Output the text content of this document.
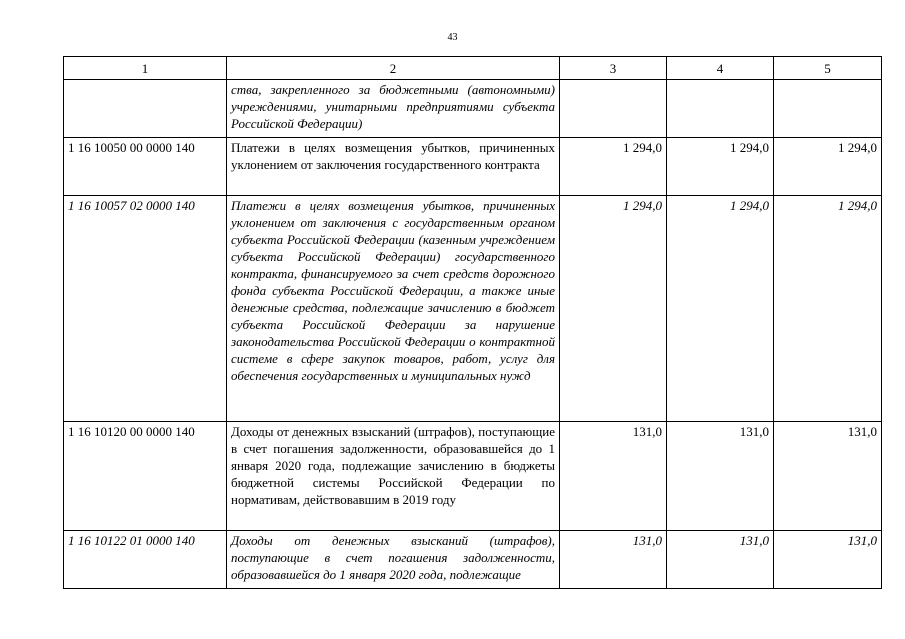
43
1	2	3	4	5
	ства, закрепленного за бюджетными (автономными) учреждениями, унитарными предприятиями субъекта Российской Федерации)			
1 16 10050 00 0000 140	Платежи в целях возмещения убытков, причиненных уклонением от заключения государственного контракта	1 294,0	1 294,0	1 294,0
1 16 10057 02 0000 140	Платежи в целях возмещения убытков, причиненных уклонением от заключения с государственным органом субъекта Российской Федерации (казенным учреждением субъекта Российской Федерации) государственного контракта, финансируемого за счет средств дорожного фонда субъекта Российской Федерации, а также иные денежные средства, подлежащие зачислению в бюджет субъекта Российской Федерации за нарушение законодательства Российской Федерации о контрактной системе в сфере закупок товаров, работ, услуг для обеспечения государственных и муниципальных нужд	1 294,0	1 294,0	1 294,0
1 16 10120 00 0000 140	Доходы от денежных взысканий (штрафов), поступающие в счет погашения задолженности, образовавшейся до 1 января 2020 года, подлежащие зачислению в бюджеты бюджетной системы Российской Федерации по нормативам, действовавшим в 2019 году	131,0	131,0	131,0
1 16 10122 01 0000 140	Доходы от денежных взысканий (штрафов), поступающие в счет погашения задолженности, образовавшейся до 1 января 2020 года, подлежащие	131,0	131,0	131,0
